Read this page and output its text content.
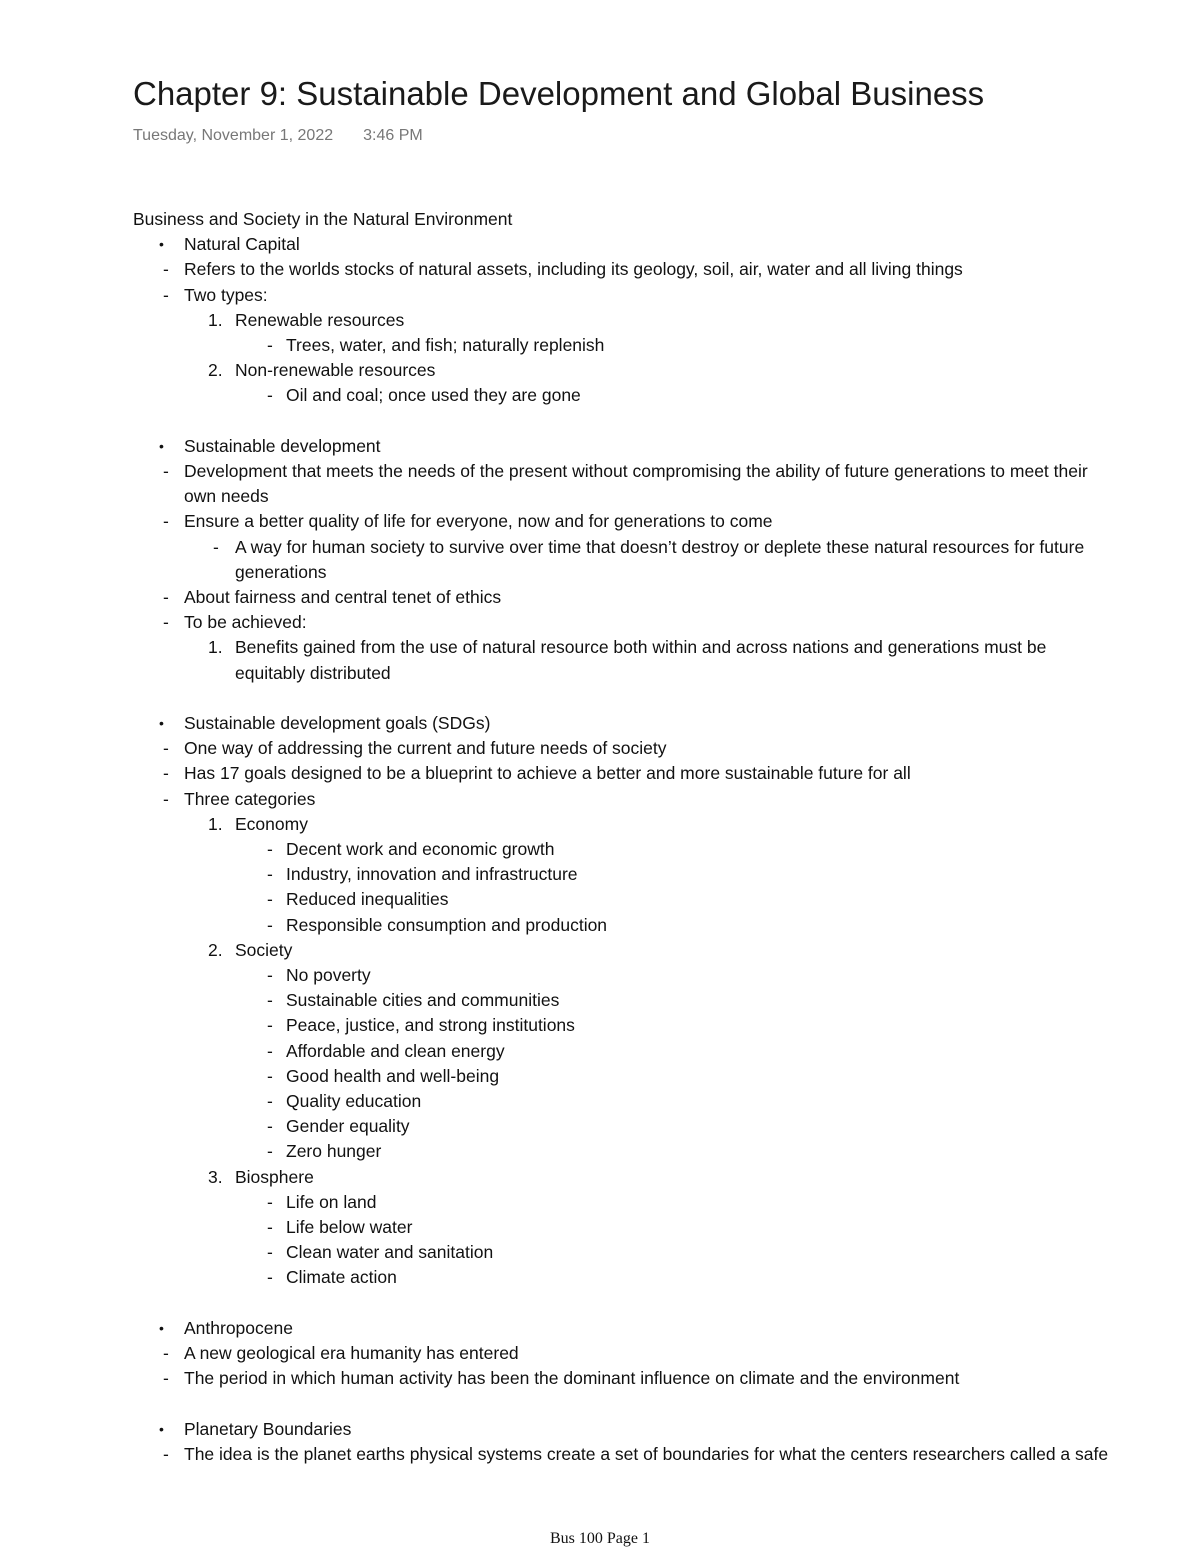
Chapter 9: Sustainable Development and Global Business
Tuesday, November 1, 2022 3:46 PM
Business and Society in the Natural Environment
• Natural Capital
- Refers to the worlds stocks of natural assets, including its geology, soil, air, water and all living things
- Two types:
1. Renewable resources
- Trees, water, and fish; naturally replenish
2. Non-renewable resources
- Oil and coal; once used they are gone
• Sustainable development
- Development that meets the needs of the present without compromising the ability of future generations to meet their
own needs
- Ensure a better quality of life for everyone, now and for generations to come
- A way for human society to survive over time that doesn’t destroy or deplete these natural resources for future
generations
- About fairness and central tenet of ethics
- To be achieved:
1. Benefits gained from the use of natural resource both within and across nations and generations must be
equitably distributed
• Sustainable development goals (SDGs)
- One way of addressing the current and future needs of society
- Has 17 goals designed to be a blueprint to achieve a better and more sustainable future for all
- Three categories
1. Economy
- Decent work and economic growth
- Industry, innovation and infrastructure
- Reduced inequalities
- Responsible consumption and production
2. Society
- No poverty
- Sustainable cities and communities
- Peace, justice, and strong institutions
- Affordable and clean energy
- Good health and well-being
- Quality education
- Gender equality
- Zero hunger
3. Biosphere
- Life on land
- Life below water
- Clean water and sanitation
- Climate action
• Anthropocene
- A new geological era humanity has entered
- The period in which human activity has been the dominant influence on climate and the environment
• Planetary Boundaries
- The idea is the planet earths physical systems create a set of boundaries for what the centers researchers called a safe
Bus 100 Page 1
